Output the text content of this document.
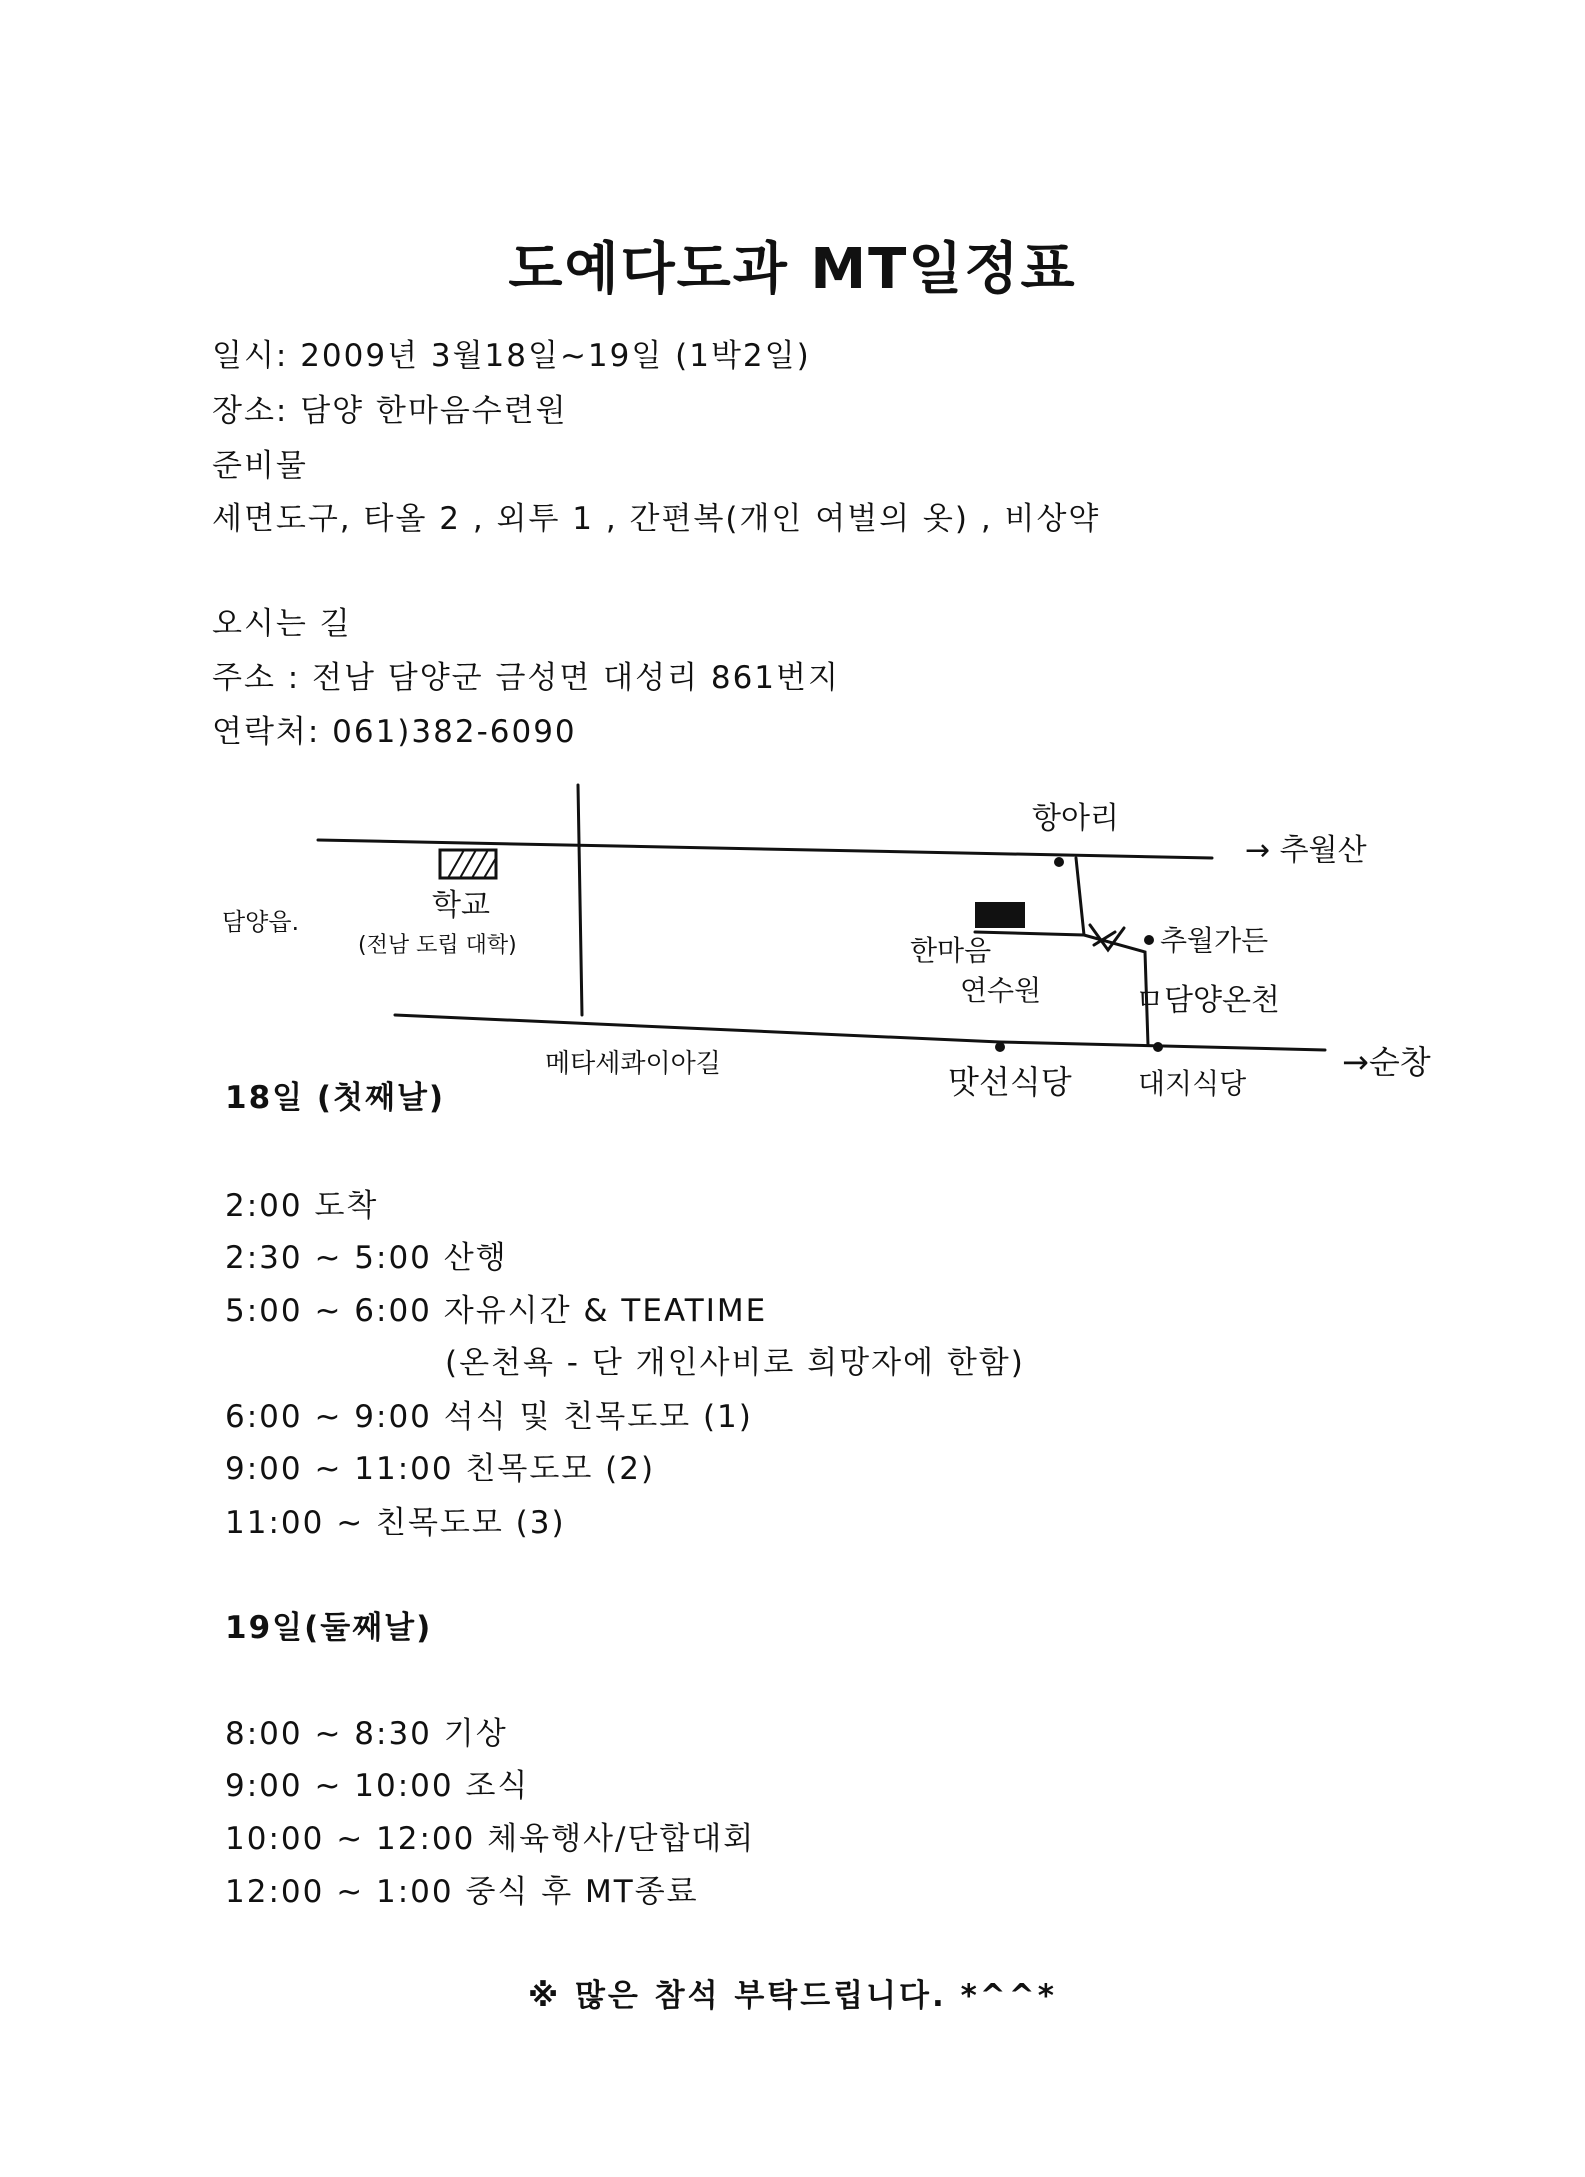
도예다도과 MT일정표
일시: 2009년 3월18일~19일 (1박2일)
장소: 담양 한마음수련원
준비물
세면도구, 타올 2 , 외투 1 , 간편복(개인 여벌의 옷) , 비상약
오시는 길
주소 : 전남 담양군 금성면 대성리 861번지
연락처: 061)382-6090
항아리
→ 추월산
담양읍.	학교
(전남 도립 대학)	한마음
연수원
추월가든
ㅁ담양온천
메타세콰이아길	맛선식당 대지식당
→순창
18일 (첫째날)
2:00 도착
2:30 ~ 5:00 산행
5:00 ~ 6:00 자유시간 & TEATIME
(온천욕 - 단 개인사비로 희망자에 한함)
6:00 ~ 9:00 석식 및 친목도모 (1)
9:00 ~ 11:00 친목도모 (2)
11:00 ~ 친목도모 (3)
19일(둘째날)
8:00 ~ 8:30 기상
9:00 ~ 10:00 조식
10:00 ~ 12:00 체육행사/단합대회
12:00 ~ 1:00 중식 후 MT종료
※ 많은 참석 부탁드립니다. *^^*
